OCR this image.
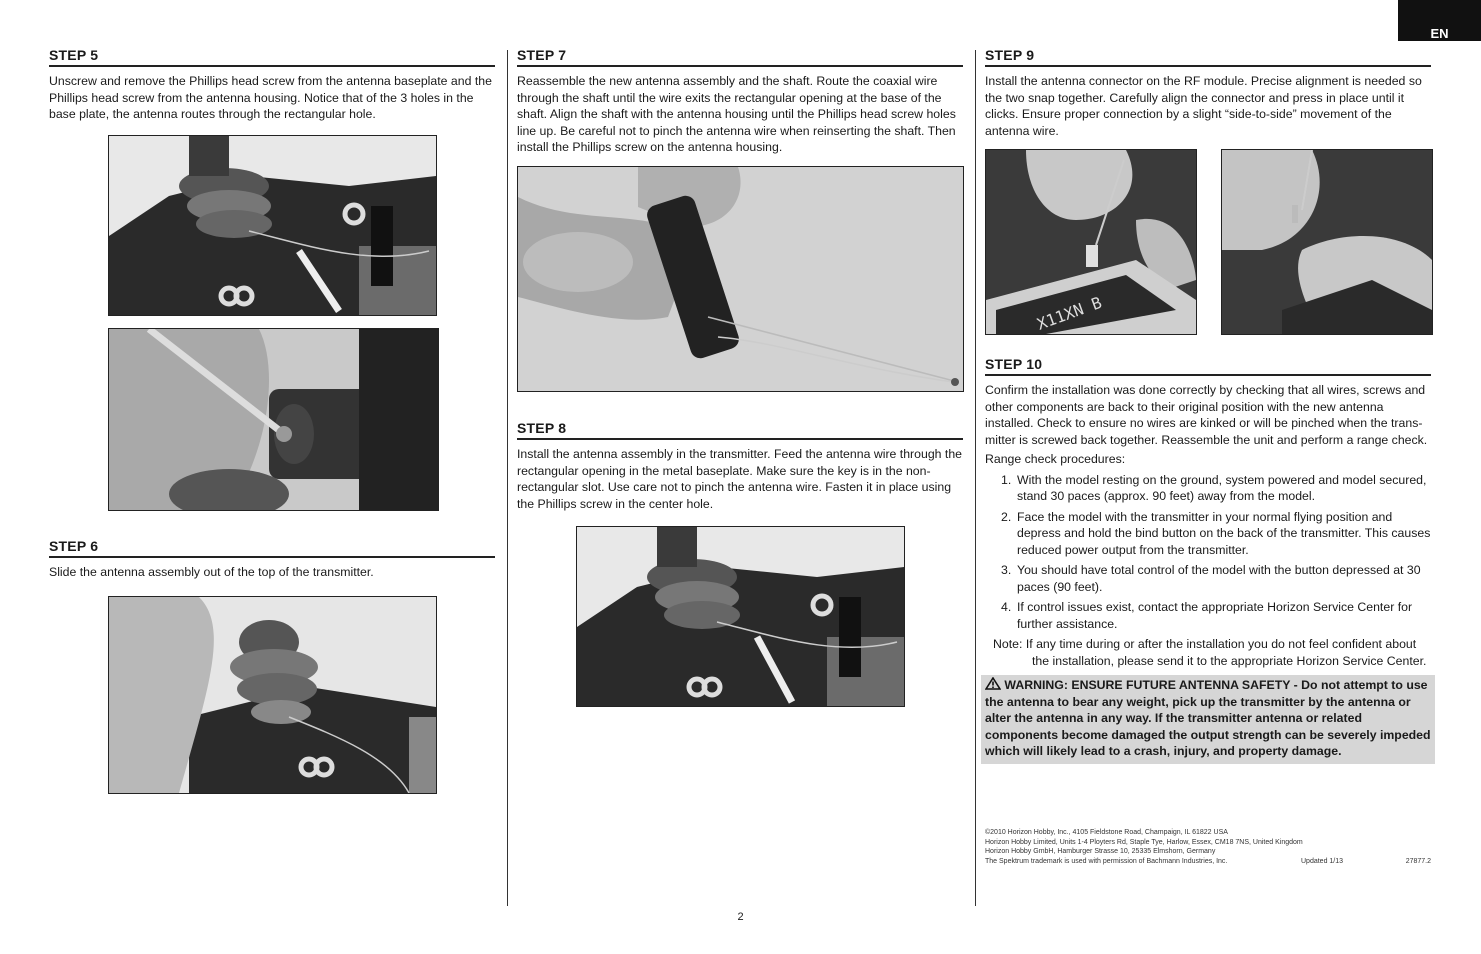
EN
STEP 5

Unscrew and remove the Phillips head screw from the antenna baseplate and the Phillips head screw from the antenna housing. Notice that of the 3 holes in the base plate, the antenna routes through the rectangular hole.

STEP 6

Slide the antenna assembly out of the top of the transmitter.

STEP 7

Reassemble the new antenna assembly and the shaft. Route the coaxial wire through the shaft until the wire exits the rectangular opening at the base of the shaft. Align the shaft with the antenna housing until the Phillips head screw holes line up. Be careful not to pinch the antenna wire when reinserting the shaft. Then install the Phillips screw on the antenna housing.

STEP 8

Install the antenna assembly in the transmitter. Feed the antenna wire through the rectangular opening in the metal baseplate. Make sure the key is in the non-rectangular slot. Use care not to pinch the antenna wire. Fasten it in place using the Phillips screw in the center hole.

STEP 9

Install the antenna connector on the RF module. Precise alignment is needed so the two snap together. Carefully align the connector and press in place until it clicks. Ensure proper connection by a slight “side-to-side” movement of the antenna wire.

X11XN B
STEP 10

Confirm the installation was done correctly by checking that all wires, screws and other components are back to their original position with the new antenna installed. Check to ensure no wires are kinked or will be pinched when the trans-mitter is screwed back together. Reassemble the unit and perform a range check.

Range check procedures:

1. With the model resting on the ground, system powered and model secured, stand 30 paces (approx. 90 feet) away from the model.
2. Face the model with the transmitter in your normal flying position and depress and hold the bind button on the back of the transmitter. This causes reduced power output from the transmitter.
3. You should have total control of the model with the button depressed at 30 paces (90 feet).
4. If control issues exist, contact the appropriate Horizon Service Center for further assistance.
Note: If any time during or after the installation you do not feel confident about
the installation, please send it to the appropriate Horizon Service Center.
WARNING: ENSURE FUTURE ANTENNA SAFETY - Do not attempt to use the antenna to bear any weight, pick up the transmitter by the antenna or alter the antenna in any way. If the transmitter antenna or related components become damaged the output strength can be severely impeded which will likely lead to a crash, injury, and property damage.
©2010 Horizon Hobby, Inc., 4105 Fieldstone Road, Champaign, IL 61822 USA
Horizon Hobby Limited, Units 1-4 Ployters Rd, Staple Tye, Harlow, Essex, CM18 7NS, United Kingdom
Horizon Hobby GmbH, Hamburger Strasse 10, 25335 Elmshorn, Germany
The Spektrum trademark is used with permission of Bachmann Industries, Inc.	Updated 1/13	27877.2
2
